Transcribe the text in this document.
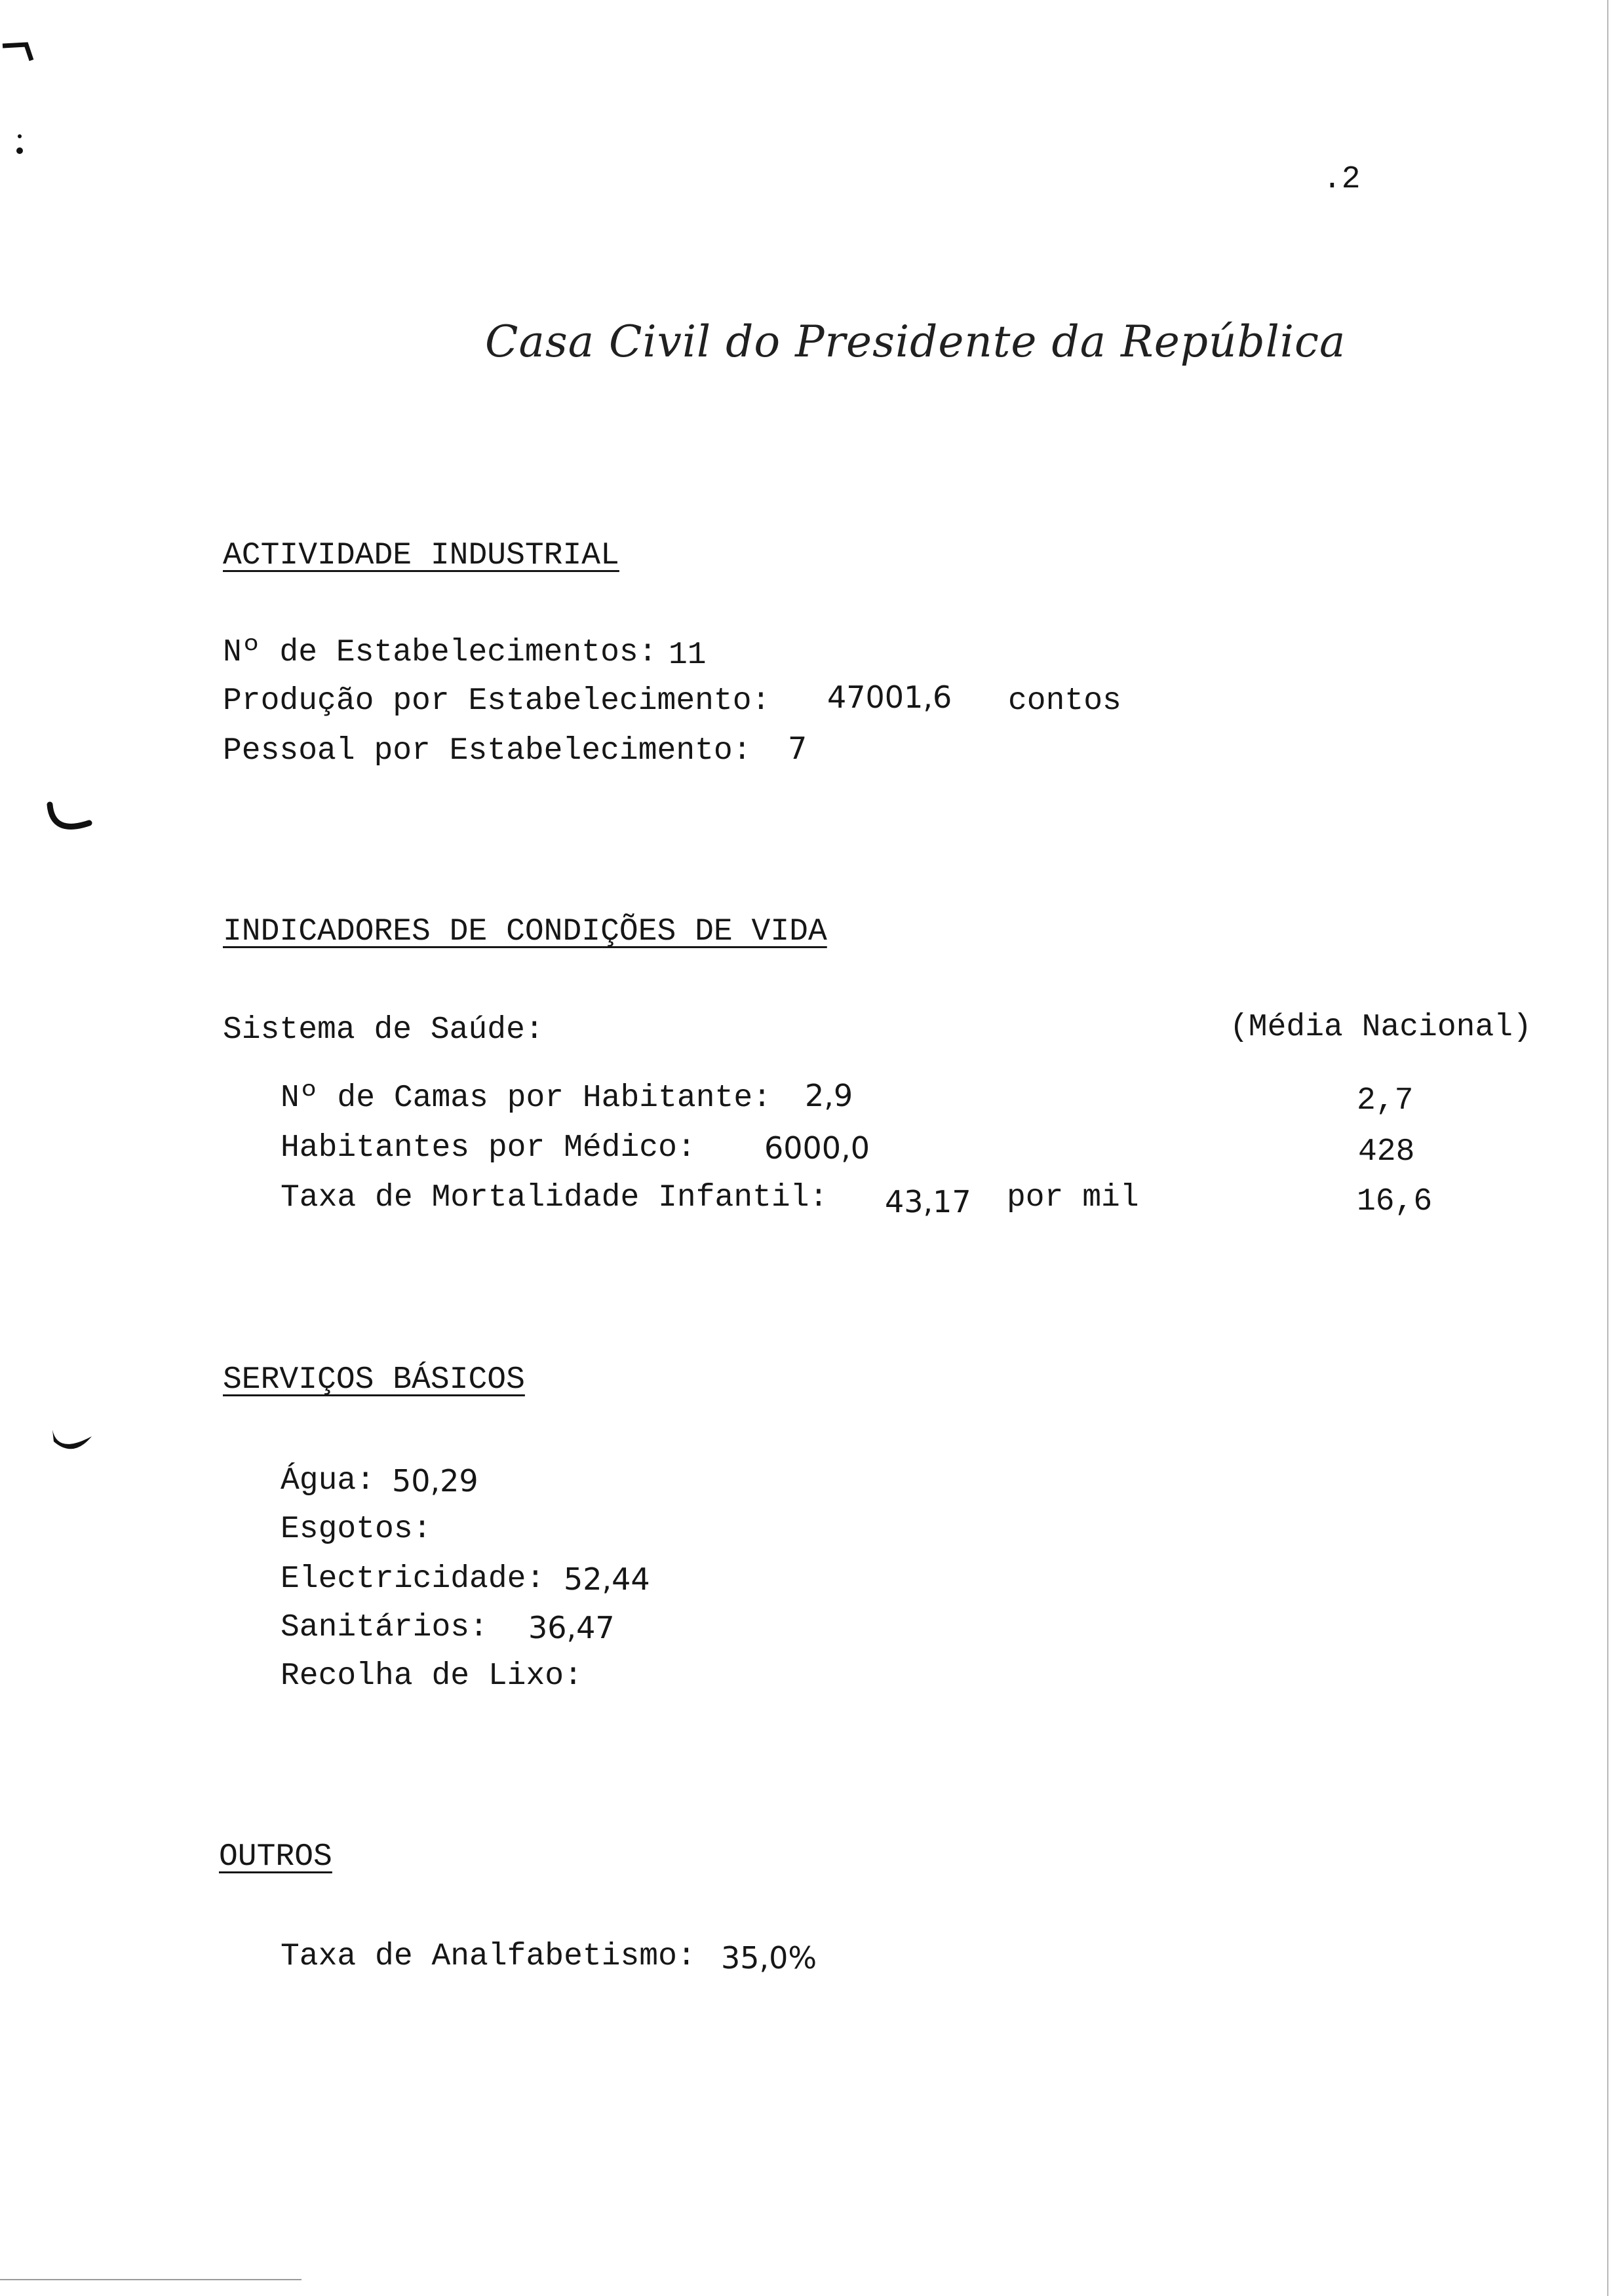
.2
Casa Civil do Presidente da República
ACTIVIDADE INDUSTRIAL
Nº de Estabelecimentos: 11
Produção por Estabelecimento: 47001,6 contos
Pessoal por Estabelecimento: 7
INDICADORES DE CONDIÇÕES DE VIDA
Sistema de Saúde:	(Média Nacional)
Nº de Camas por Habitante: 2,9	2,7
Habitantes por Médico: 6000,0	428
Taxa de Mortalidade Infantil: 43,17 por mil	16,6
SERVIÇOS BÁSICOS
Água: 50,29
Esgotos:
Electricidade: 52,44
Sanitários: 36,47
Recolha de Lixo:
OUTROS
Taxa de Analfabetismo: 35,0%
